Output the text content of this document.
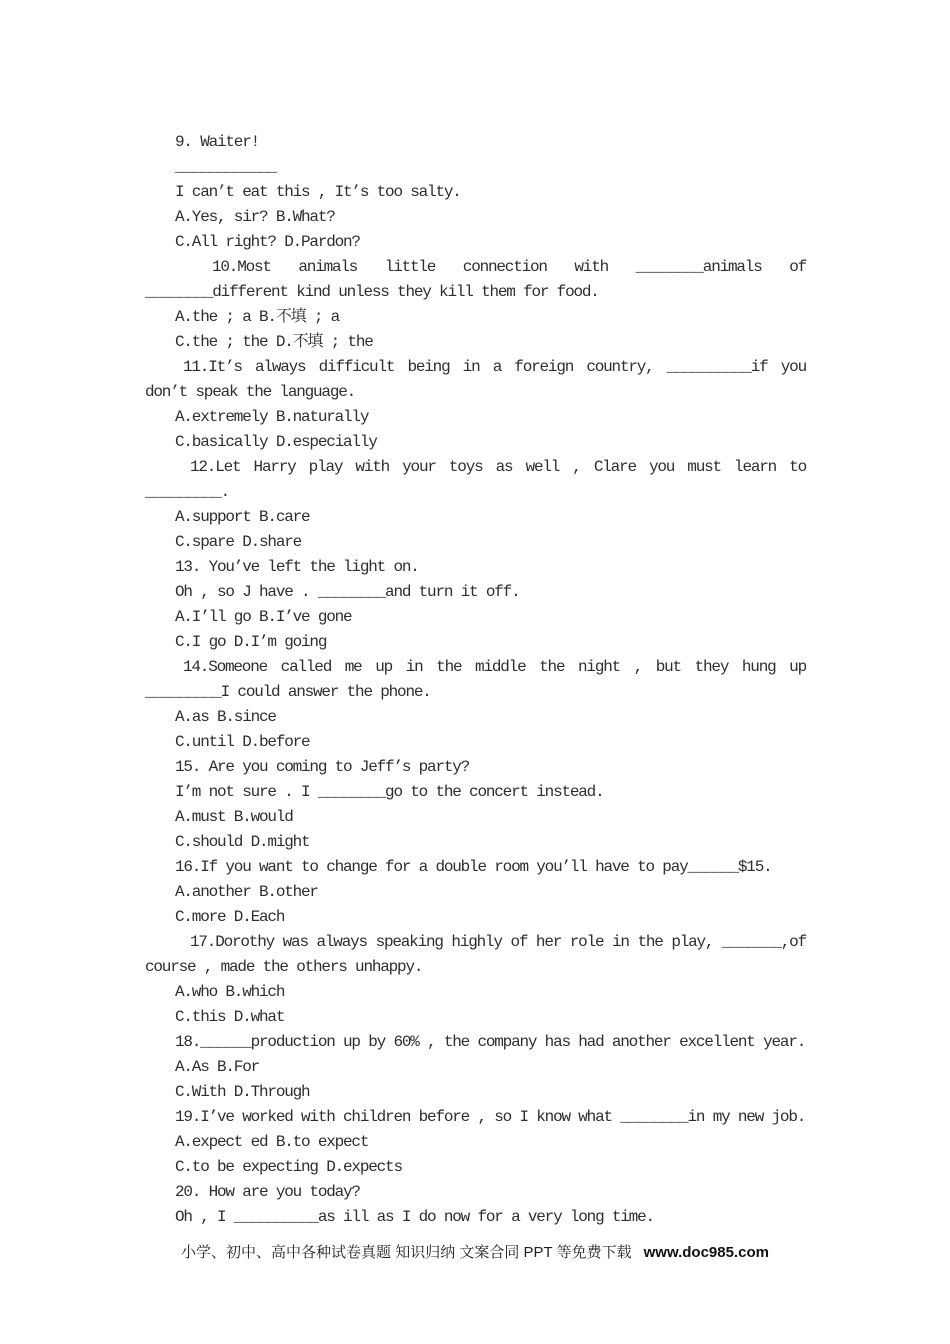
9. Waiter!
____________
I can’t eat this , It’s too salty.
A.Yes, sir? B.What?
C.All right? D.Pardon?
10.Most animals little connection with ________animals of
________different kind unless they kill them for food.
A.the ; a B.不填 ; a
C.the ; the D.不填 ; the
11.It’s always difficult being in a foreign country, __________if you
don’t speak the language.
A.extremely B.naturally
C.basically D.especially
12.Let Harry play with your toys as well , Clare you must learn to
_________.
A.support B.care
C.spare D.share
13. You’ve left the light on.
Oh , so J have . ________and turn it off.
A.I’ll go B.I’ve gone
C.I go D.I’m going
14.Someone called me up in the middle the night , but they hung up
_________I could answer the phone.
A.as B.since
C.until D.before
15. Are you coming to Jeff’s party?
I’m not sure . I ________go to the concert instead.
A.must B.would
C.should D.might
16.If you want to change for a double room you’ll have to pay______$15.
A.another B.other
C.more D.Each
17.Dorothy was always speaking highly of her role in the play, _______,of
course , made the others unhappy.
A.who B.which
C.this D.what
18.______production up by 60% , the company has had another excellent year.
A.As B.For
C.With D.Through
19.I’ve worked with children before , so I know what ________in my new job.
A.expect ed B.to expect
C.to be expecting D.expects
20. How are you today?
Oh , I __________as ill as I do now for a very long time.
小学、初中、高中各种试卷真题 知识归纳 文案合同 PPT 等免费下载 www.doc985.com
